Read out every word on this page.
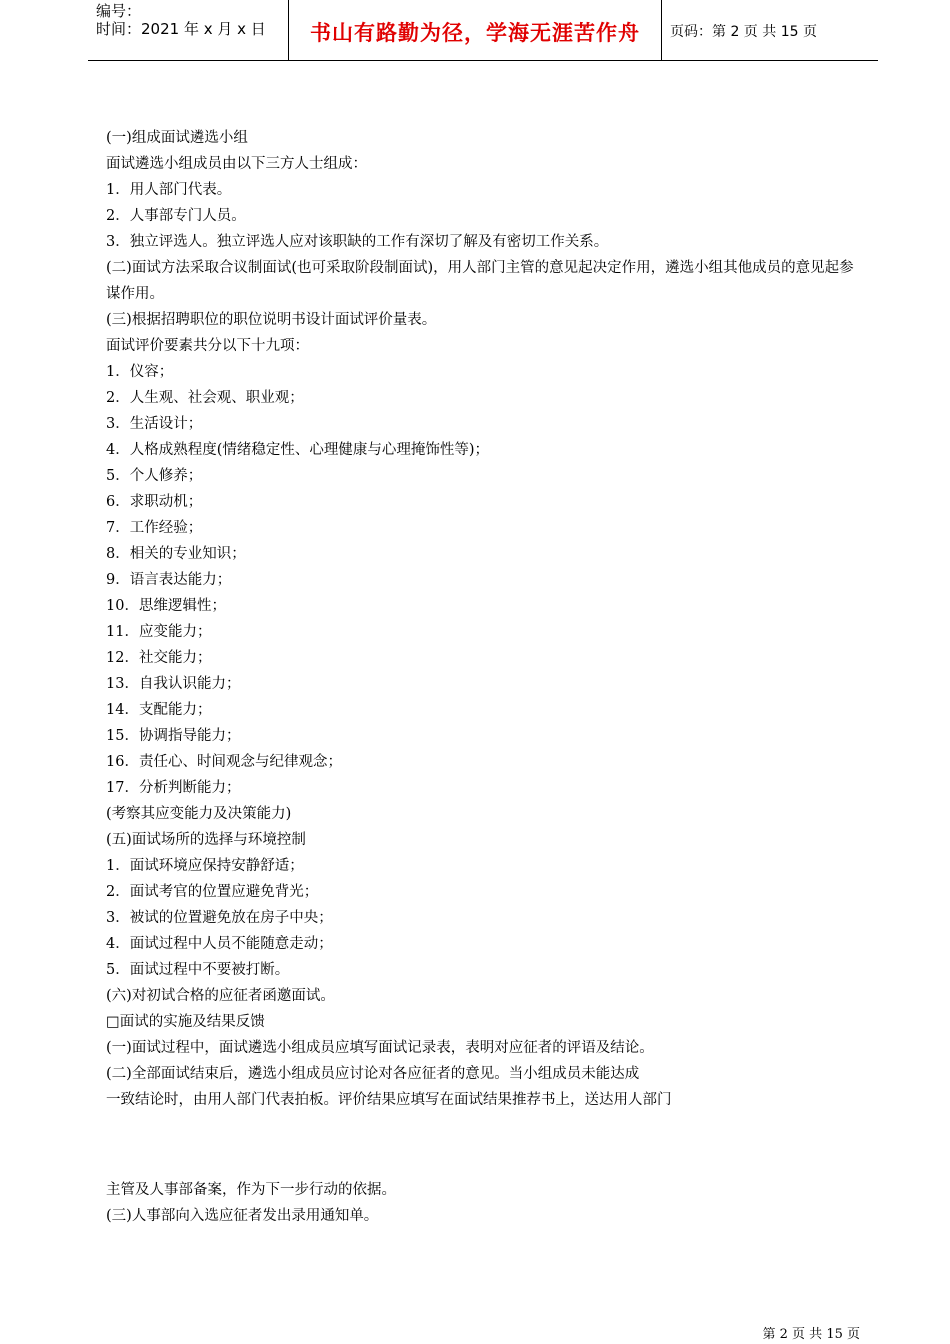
编号：
时间：2021 年 x 月 x 日	书山有路勤为径，学海无涯苦作舟	页码：第 2 页 共 15 页
(一)组成面试遴选小组
面试遴选小组成员由以下三方人士组成：
1．用人部门代表。
2．人事部专门人员。
3．独立评选人。独立评选人应对该职缺的工作有深切了解及有密切工作关系。
(二)面试方法采取合议制面试(也可采取阶段制面试)，用人部门主管的意见起决定作用，遴选小组其他成员的意见起参谋作用。
(三)根据招聘职位的职位说明书设计面试评价量表。
面试评价要素共分以下十九项：
1．仪容；
2．人生观、社会观、职业观；
3．生活设计；
4．人格成熟程度(情绪稳定性、心理健康与心理掩饰性等)；
5．个人修养；
6．求职动机；
7．工作经验；
8．相关的专业知识；
9．语言表达能力；
10．思维逻辑性；
11．应变能力；
12．社交能力；
13．自我认识能力；
14．支配能力；
15．协调指导能力；
16．责任心、时间观念与纪律观念；
17．分析判断能力；
(考察其应变能力及决策能力)
(五)面试场所的选择与环境控制
1．面试环境应保持安静舒适；
2．面试考官的位置应避免背光；
3．被试的位置避免放在房子中央；
4．面试过程中人员不能随意走动；
5．面试过程中不要被打断。
(六)对初试合格的应征者函邀面试。
□面试的实施及结果反馈
(一)面试过程中，面试遴选小组成员应填写面试记录表，表明对应征者的评语及结论。
(二)全部面试结束后，遴选小组成员应讨论对各应征者的意见。当小组成员未能达成
一致结论时，由用人部门代表拍板。评价结果应填写在面试结果推荐书上，送达用人部门
主管及人事部备案，作为下一步行动的依据。
(三)人事部向入选应征者发出录用通知单。
第 2 页 共 15 页
